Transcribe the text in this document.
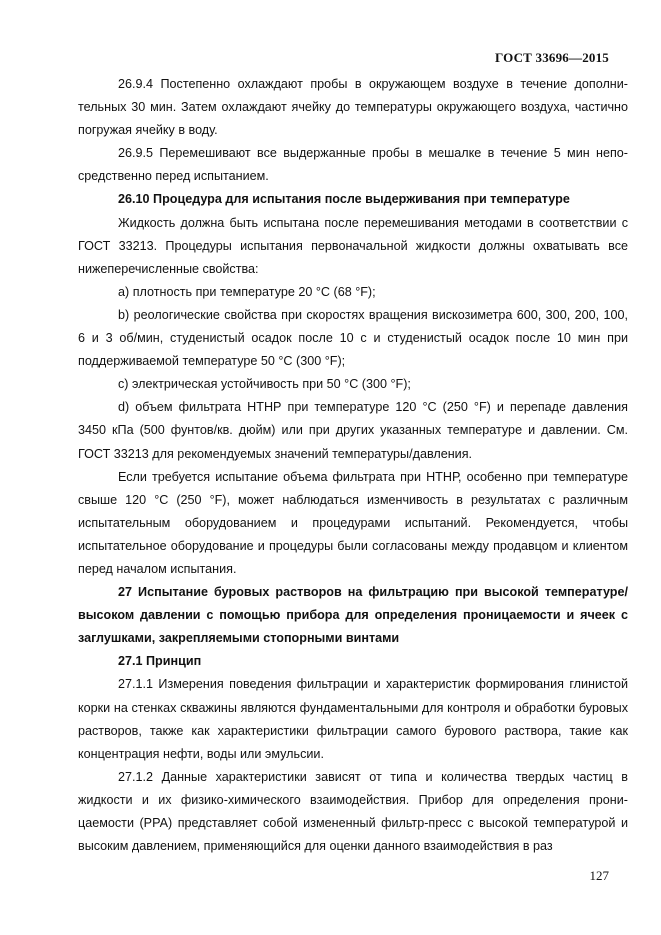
ГОСТ 33696—2015

26.9.4 Постепенно охлаждают пробы в окружающем воздухе в течение дополнительных 30 мин. Затем охлаждают ячейку до температуры окружающего воздуха, частично погружая ячейку в воду.

26.9.5 Перемешивают все выдержанные пробы в мешалке в течение 5 мин непосредственно перед испытанием.

26.10 Процедура для испытания после выдерживания при температуре

Жидкость должна быть испытана после перемешивания методами в соответствии с ГОСТ 33213. Процедуры испытания первоначальной жидкости должны охватывать все нижеперечисленные свойства:

a) плотность при температуре 20 °С (68 °F);

b) реологические свойства при скоростях вращения вискозиметра 600, 300, 200, 100, 6 и 3 об/мин, студенистый осадок после 10 с и студенистый осадок после 10 мин при поддерживаемой температуре 50 °С (300 °F);

c) электрическая устойчивость при 50 °С (300 °F);

d) объем фильтрата НТНР при температуре 120 °С (250 °F) и перепаде давления 3450 кПа (500 фунтов/кв. дюйм) или при других указанных температуре и давлении. См. ГОСТ 33213 для рекомендуемых значений температуры/давления.

Если требуется испытание объема фильтрата при НТНР, особенно при температуре свыше 120 °С (250 °F), может наблюдаться изменчивость в результатах с различным испытательным оборудованием и процедурами испытаний. Рекомендуется, чтобы испытательное оборудование и процедуры были согласованы между продавцом и клиентом перед началом испытания.

27 Испытание буровых растворов на фильтрацию при высокой температуре/высоком давлении с помощью прибора для определения проницаемости и ячеек с заглушками, закрепляемыми стопорными винтами

27.1 Принцип

27.1.1 Измерения поведения фильтрации и характеристик формирования глинистой корки на стенках скважины являются фундаментальными для контроля и обработки буровых растворов, также как характеристики фильтрации самого бурового раствора, такие как концентрация нефти, воды или эмульсии.

27.1.2 Данные характеристики зависят от типа и количества твердых частиц в жидкости и их физико-химического взаимодействия. Прибор для определения проницаемости (РРА) представляет собой измененный фильтр-пресс с высокой температурой и высоким давлением, применяющийся для оценки данного взаимодействия в раз

127
